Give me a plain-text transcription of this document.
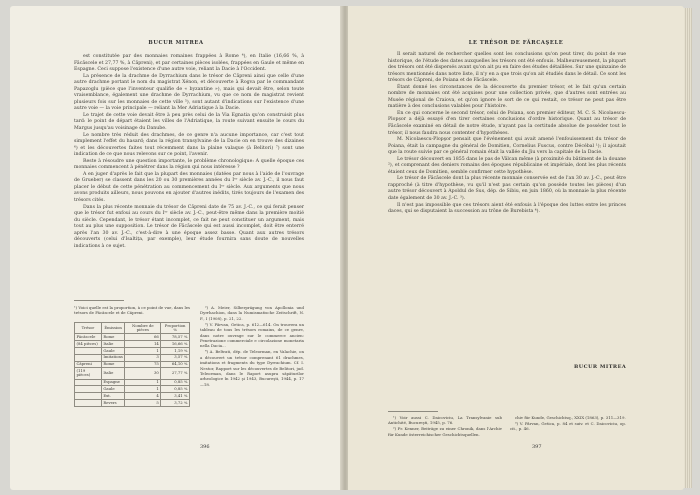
BUCUR MITREA

est constitutée par des monnaies romaines frappées à Rome ⁴), en Italie (16,66 %, à Făcăscele et 27,77 %, à Căpreni), et par certaines pièces isolées, frappées en Gaule et même en Espagne. Ceci suppose l'existence d'une autre voie, reliant la Dacie à l'Occident.

La présence de la drachme de Dyrrachium dans le trésor de Căpreni ainsi que celle d'une autre drachme portant le nom du magistrat Xénon, et découverte à Rogva par le commandant Papazoglu (pièce que l'inventeur qualifie de « byzantine »), mais qui devait être, selon toute vraisemblance, également une drachme de Dyrrachium, vu que ce nom de magistrat revient plusieurs fois sur les monnaies de cette ville ⁵), sont autant d'indications sur l'existence d'une autre voie — la voie principale — reliant la Mer Adriatique à la Dacie.

Le trajet de cette voie devait être à peu près celui de la Via Egnatia qu'on construisit plus tard: le point de départ étaient les villes de l'Adriatique, la route suivant ensuite le cours du Margus jusqu'au voisinage du Danube.

Le nombre très réduit des drachmes, de ce genre n'a aucune importance, car c'est tout simplement l'effet du hasard; dans la région transylvaine de la Dacie on en trouve des dizaines ⁶) et les découvertes faites tout récemment dans la plaine valaque (à Belitori) ⁷) sont une indication de ce que nous relevons sur ce point, l'avenir.

Reste à résoudre une question importante, le problème chronologique: A quelle époque ces monnaies commencent à pénétrer dans la région qui nous intéresse ?

A en juger d'après le fait que la plupart des monnaies (datées par nous à l'aide de l'ouvrage de Grueber) se classent dans les 20 ou 30 premières années du Iᵉʳ siècle av. J.-C., il nous faut placer le début de cette pénétration au commencement du Iᵉʳ siècle. Aux arguments que nous avons produits ailleurs, nous pouvons en ajouter d'autres inédits, tirés toujours de l'examen des trésors cités.

Dans la plus récente monnaie du trésor de Căpreni date de 75 av. J.-C., ce qui ferait penser que le trésor fut enfoui au cours du Iᵉʳ siècle av. J.-C., peut-être même dans la première moitié du siècle. Cependant, le trésor étant incomplet, ce fait ne peut constituer un argument, mais tout au plus une supposition. Le trésor de Făcăscele qui est aussi incomplet, doit être enterré après l'an 30 av. J.-C., c'est-à-dire à une époque assez basse. Quant aux autres trésors découverts (celui d'Isaltița, par exemple), leur étude fournira sans doute de nouvelles indications à ce sujet.

¹) Voici quelle est la proportion, à ce point de vue, dans les trésors de Făcăscele et de Căpreni.
Trésor	Émission	Nombre de pièces	Proportion %
Făcăscele	Rome	66	78,57 %
(84 pièces)	Italie	14	16,66 %
	Gaule	1	1,19 %
	Imitations	3	3,57 %
Căpreni	Rome	75	64,10 %
(119 pièces)	Italie	30	27,77 %
	Espagne	1	0,85 %
	Gaule	1	0,85 %
	Ext.	4	3,41 %
	Revers	5	3,72 %

²) A. Meier, Silberprägung von Apollonia und Dyrrhachion, dans la Numismatische Zeitschrift, N. F., I (1908), p. 21, 22.

³) V. Pârvan, Getica, p. 612—614. On trouvera un tableau de tous les trésors romains, de ce genre, dans notre ouvrage sur le commerce ancien: Penetrazione commerciale e circolazione monetaria nella Dacia...

⁴) A. Beltrati, dép. de Teleorman, en Valachie, on a découvert un trésor comprenant 61 drachmes, imitations et fragments du type Dyrrachium. Cf. I. Nestor, Rapport sur les découvertes de Belitori, jud. Teleorman, dans le Raport asupra săpăturilor arheologice în 1942 şi 1943, Bucureşti, 1944, p. 17—18.

396
LE TRÉSOR DE FĂRCAŞELE

Il serait naturel de rechercher quelles sont les conclusions qu'on peut tirer, du point de vue historique, de l'étude des dates auxquelles les trésors ont été enfouis. Malheureusement, la plupart des trésors ont été dispersés avant qu'on ait pu en faire des études détaillées. Sur une quinzaine de trésors mentionnés dans notre liste, il n'y en a que trois qu'on ait étudiés dans le détail. Ce sont les trésors de Căpreni, de Poiana et de Făcăscele.

Étant donné les circonstances de la découverte du premier trésor, et le fait qu'un certain nombre de monnaies ont été acquises pour une collection privée, que d'autres sont entrées au Musée régional de Craiova, et qu'on ignore le sort de ce qui restait, ce trésor ne peut pas être matière à des conclusions valables pour l'histoire.

En ce qui concerne le second trésor, celui de Poiana, son premier éditeur, M. C. S. Nicolaescu-Plopșor a déjà essayé d'en tirer certaines conclusions d'ordre historique. Quant au trésor de Făcăscele examiné en détail de notre étude, n'ayant pas la certitude absolue de posséder tout le trésor, il nous faudra nous contenter d'hypothèses.

M. Nicolaescu-Plopşor pensait que l'événement qui avait amené l'enfouissement du trésor de Poiana, était la campagne du général de Domitien, Cornelius Fuscus, contre Décébal ¹); il ajoutait que la route suivie par ce général romain était la vallée du Jiu vers la capitale de la Dacie.

Le trésor découvert en 1855 dans le pas de Vâlcan même (à proximité du bâtiment de la douane ²), et comprenant des deniers romains des époques républicaine et impériale, dont les plus récents étaient ceux de Domitien, semble confirmer cette hypothèse.

Le trésor de Făcăscele dont la plus récente monnaie conservée est de l'an 30 av. J.-C., peut être rapproché (à titre d'hypothèse, vu qu'il n'est pas certain qu'on possède toutes les pièces) d'un autre trésor découvert à Apoldul de Sus, dép. de Sibiu, en juin 1860, où la monnaie la plus récente date également de 30 av. J.-C. ³).

Il n'est pas impossible que ces trésors aient été enfouis à l'époque des luttes entre les princes daces, qui se disputaient la succession au trône de Burebista ⁴).

BUCUR MITREA

¹) Voir aussi C. Daicoviciu, La Transylvanie sub Antichité, Bucureşti, 1945, p. 76.

²) Fr. Kenner, Beiträge zu einer Chronik, dans l'Archiv für Kunde österreichischer Geschichtsquellen.

chiv für Kunde, Geschichtsq., XXIX (1863), p. 311—319.

³) V. Pârvan, Getica, p. 84 et suiv. et C. Daicoviciu, op. cit., p. 46.

397
